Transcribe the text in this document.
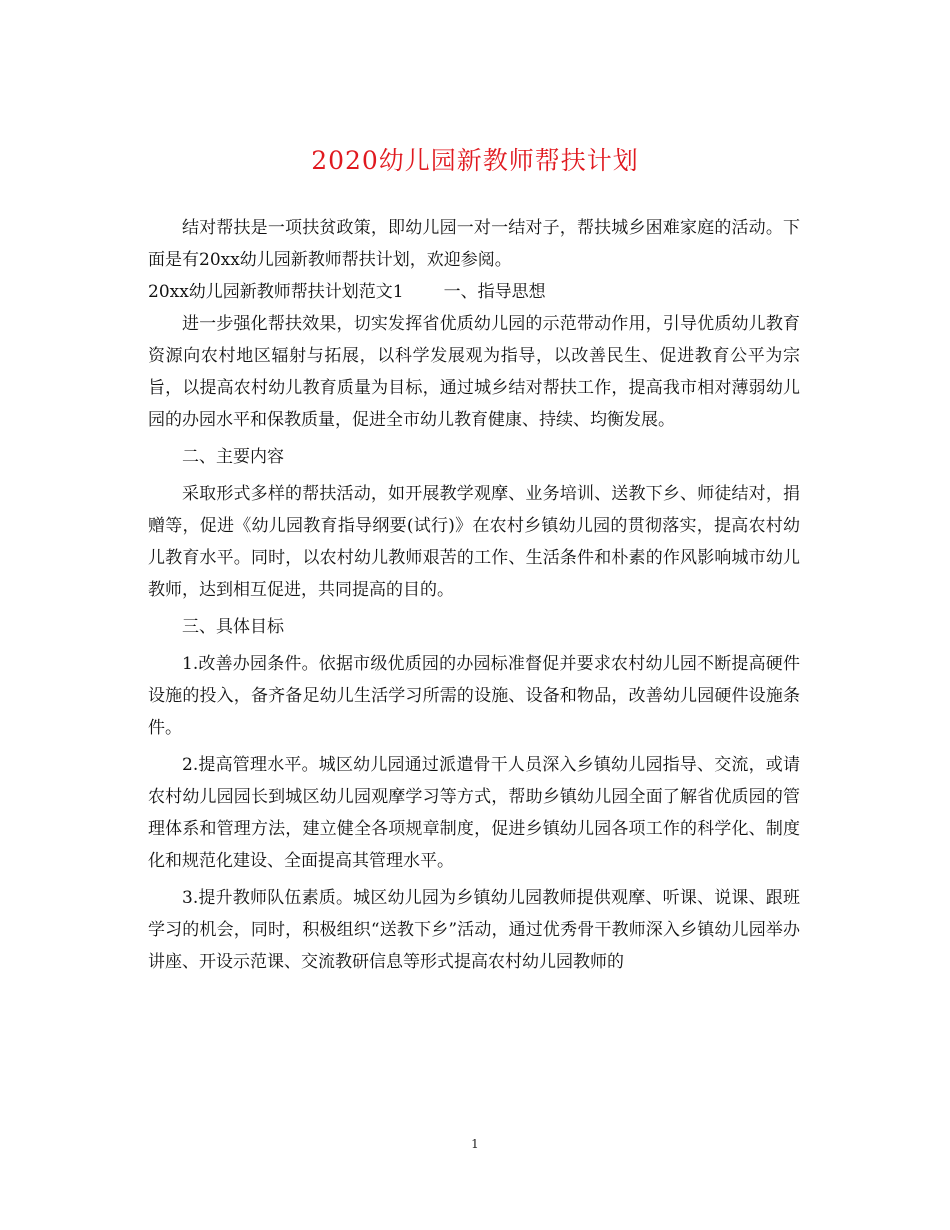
2020幼儿园新教师帮扶计划

结对帮扶是一项扶贫政策，即幼儿园一对一结对子，帮扶城乡困难家庭的活动。下面是有20xx幼儿园新教师帮扶计划，欢迎参阅。

20xx幼儿园新教师帮扶计划范文1 一、指导思想

进一步强化帮扶效果，切实发挥省优质幼儿园的示范带动作用，引导优质幼儿教育资源向农村地区辐射与拓展，以科学发展观为指导，以改善民生、促进教育公平为宗旨，以提高农村幼儿教育质量为目标，通过城乡结对帮扶工作，提高我市相对薄弱幼儿园的办园水平和保教质量，促进全市幼儿教育健康、持续、均衡发展。

二、主要内容

采取形式多样的帮扶活动，如开展教学观摩、业务培训、送教下乡、师徒结对，捐赠等，促进《幼儿园教育指导纲要(试行)》在农村乡镇幼儿园的贯彻落实，提高农村幼儿教育水平。同时，以农村幼儿教师艰苦的工作、生活条件和朴素的作风影响城市幼儿教师，达到相互促进，共同提高的目的。

三、具体目标

1.改善办园条件。依据市级优质园的办园标准督促并要求农村幼儿园不断提高硬件设施的投入，备齐备足幼儿生活学习所需的设施、设备和物品，改善幼儿园硬件设施条件。

2.提高管理水平。城区幼儿园通过派遣骨干人员深入乡镇幼儿园指导、交流，或请农村幼儿园园长到城区幼儿园观摩学习等方式，帮助乡镇幼儿园全面了解省优质园的管理体系和管理方法，建立健全各项规章制度，促进乡镇幼儿园各项工作的科学化、制度化和规范化建设、全面提高其管理水平。

3.提升教师队伍素质。城区幼儿园为乡镇幼儿园教师提供观摩、听课、说课、跟班学习的机会，同时，积极组织“送教下乡”活动，通过优秀骨干教师深入乡镇幼儿园举办讲座、开设示范课、交流教研信息等形式提高农村幼儿园教师的

1
